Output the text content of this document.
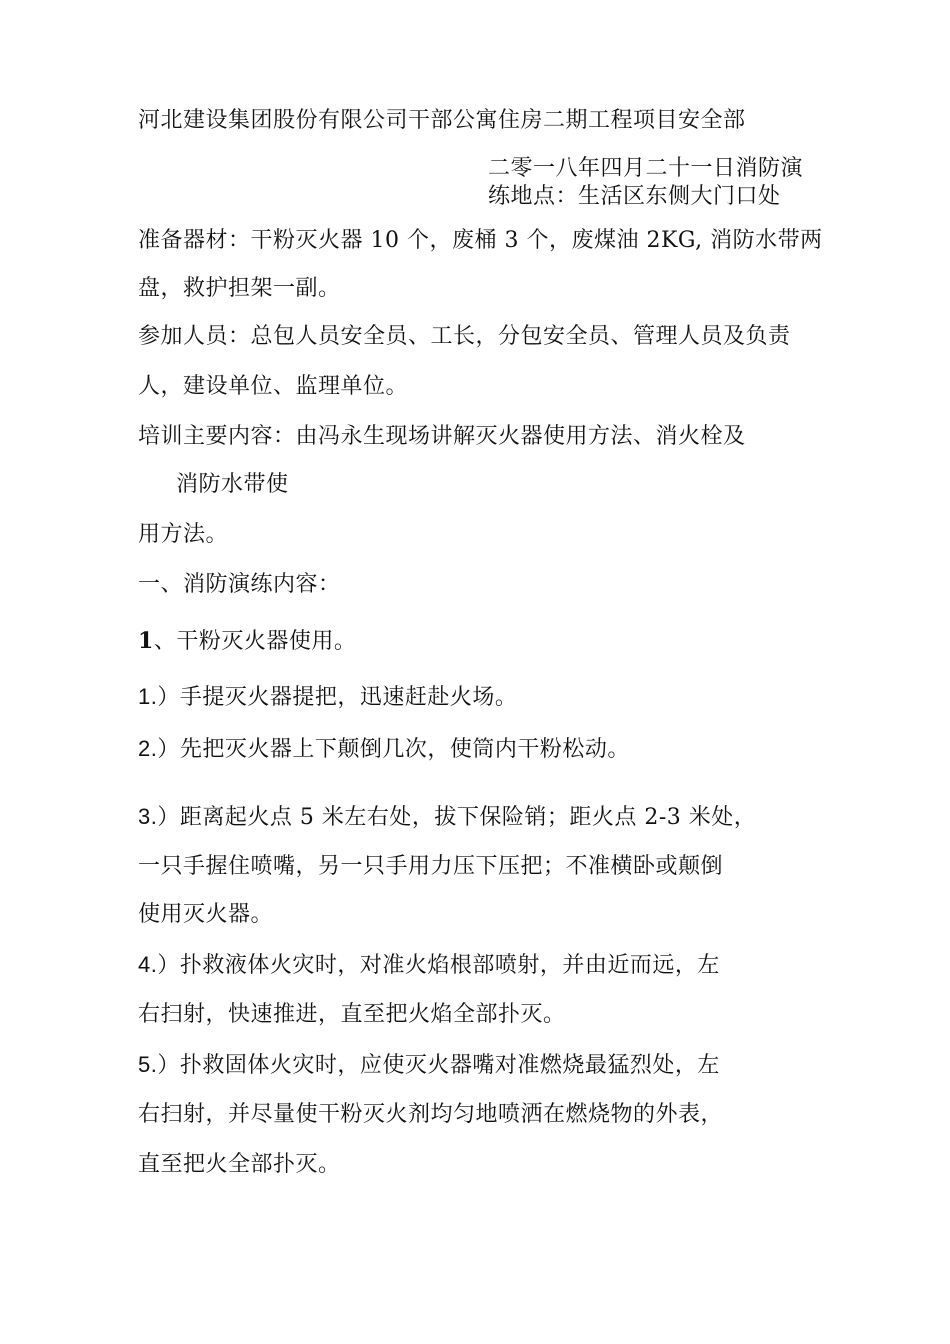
河北建设集团股份有限公司干部公寓住房二期工程项目安全部
二零一八年四月二十一日消防演
练地点：生活区东侧大门口处
准备器材：干粉灭火器 10 个，废桶 3 个，废煤油 2KG, 消防水带两
盘，救护担架一副。
参加人员：总包人员安全员、工长，分包安全员、管理人员及负责
人，建设单位、监理单位。
培训主要内容：由冯永生现场讲解灭火器使用方法、消火栓及
消防水带使
用方法。
一、消防演练内容：
1、干粉灭火器使用。
1.）手提灭火器提把，迅速赶赴火场。
2.）先把灭火器上下颠倒几次，使筒内干粉松动。
3.）距离起火点 5 米左右处，拔下保险销；距火点 2-3 米处，
一只手握住喷嘴，另一只手用力压下压把；不准横卧或颠倒
使用灭火器。
4.）扑救液体火灾时，对准火焰根部喷射，并由近而远，左
右扫射，快速推进，直至把火焰全部扑灭。
5.）扑救固体火灾时，应使灭火器嘴对准燃烧最猛烈处，左
右扫射，并尽量使干粉灭火剂均匀地喷洒在燃烧物的外表，
直至把火全部扑灭。
